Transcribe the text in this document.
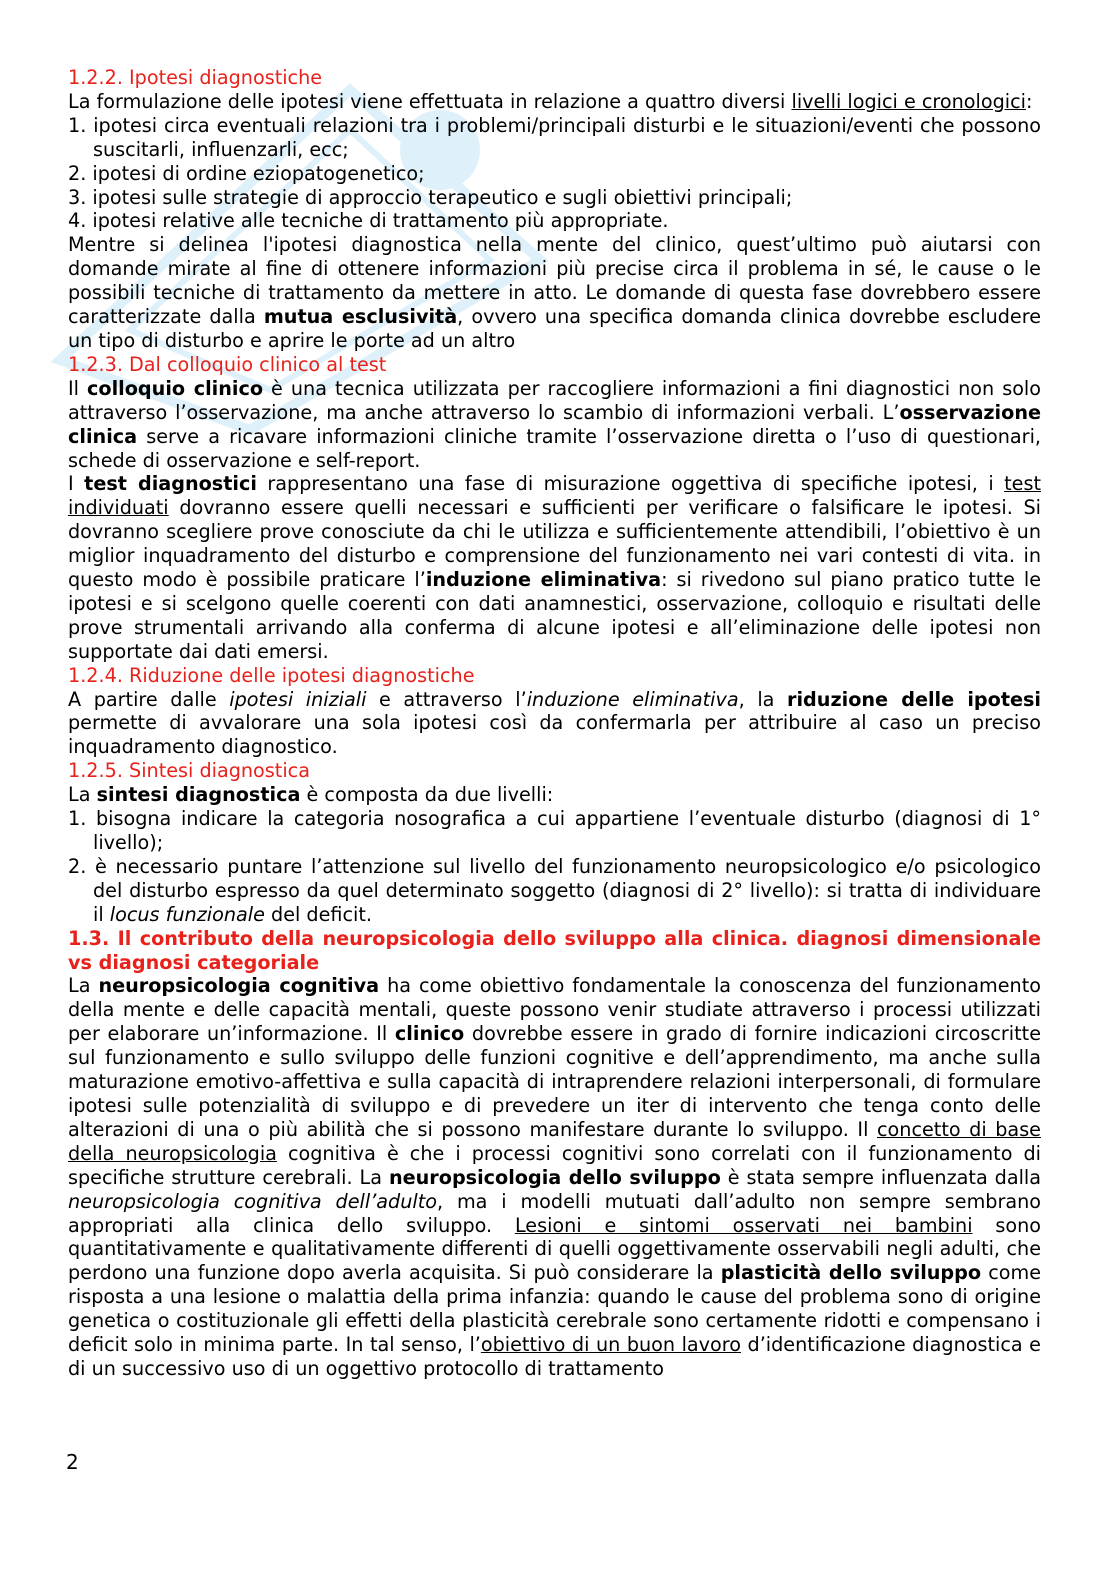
1.2.2. Ipotesi diagnostiche

La formulazione delle ipotesi viene effettuata in relazione a quattro diversi livelli logici e cronologici:

1. ipotesi circa eventuali relazioni tra i problemi/principali disturbi e le situazioni/eventi che possono suscitarli, influenzarli, ecc;
2. ipotesi di ordine eziopatogenetico;
3. ipotesi sulle strategie di approccio terapeutico e sugli obiettivi principali;
4. ipotesi relative alle tecniche di trattamento più appropriate.

Mentre si delinea l'ipotesi diagnostica nella mente del clinico, quest’ultimo può aiutarsi con domande mirate al fine di ottenere informazioni più precise circa il problema in sé, le cause o le possibili tecniche di trattamento da mettere in atto. Le domande di questa fase dovrebbero essere caratterizzate dalla mutua esclusività, ovvero una specifica domanda clinica dovrebbe escludere un tipo di disturbo e aprire le porte ad un altro

1.2.3. Dal colloquio clinico al test

Il colloquio clinico è una tecnica utilizzata per raccogliere informazioni a fini diagnostici non solo attraverso l’osservazione, ma anche attraverso lo scambio di informazioni verbali. L’osservazione clinica serve a ricavare informazioni cliniche tramite l’osservazione diretta o l’uso di questionari, schede di osservazione e self-report.

I test diagnostici rappresentano una fase di misurazione oggettiva di specifiche ipotesi, i test individuati dovranno essere quelli necessari e sufficienti per verificare o falsificare le ipotesi. Si dovranno scegliere prove conosciute da chi le utilizza e sufficientemente attendibili, l’obiettivo è un miglior inquadramento del disturbo e comprensione del funzionamento nei vari contesti di vita. in questo modo è possibile praticare l’induzione eliminativa: si rivedono sul piano pratico tutte le ipotesi e si scelgono quelle coerenti con dati anamnestici, osservazione, colloquio e risultati delle prove strumentali arrivando alla conferma di alcune ipotesi e all’eliminazione delle ipotesi non supportate dai dati emersi.

1.2.4. Riduzione delle ipotesi diagnostiche

A partire dalle ipotesi iniziali e attraverso l’induzione eliminativa, la riduzione delle ipotesi permette di avvalorare una sola ipotesi così da confermarla per attribuire al caso un preciso inquadramento diagnostico.

1.2.5. Sintesi diagnostica

La sintesi diagnostica è composta da due livelli:

1. bisogna indicare la categoria nosografica a cui appartiene l’eventuale disturbo (diagnosi di 1° livello);
2. è necessario puntare l’attenzione sul livello del funzionamento neuropsicologico e/o psicologico del disturbo espresso da quel determinato soggetto (diagnosi di 2° livello): si tratta di individuare il locus funzionale del deficit.
1.3. Il contributo della neuropsicologia dello sviluppo alla clinica. diagnosi dimensionale vs diagnosi categoriale

La neuropsicologia cognitiva ha come obiettivo fondamentale la conoscenza del funzionamento della mente e delle capacità mentali, queste possono venir studiate attraverso i processi utilizzati per elaborare un’informazione. Il clinico dovrebbe essere in grado di fornire indicazioni circoscritte sul funzionamento e sullo sviluppo delle funzioni cognitive e dell’apprendimento, ma anche sulla maturazione emotivo-affettiva e sulla capacità di intraprendere relazioni interpersonali, di formulare ipotesi sulle potenzialità di sviluppo e di prevedere un iter di intervento che tenga conto delle alterazioni di una o più abilità che si possono manifestare durante lo sviluppo. Il concetto di base della neuropsicologia cognitiva è che i processi cognitivi sono correlati con il funzionamento di specifiche strutture cerebrali. La neuropsicologia dello sviluppo è stata sempre influenzata dalla neuropsicologia cognitiva dell’adulto, ma i modelli mutuati dall’adulto non sempre sembrano appropriati alla clinica dello sviluppo. Lesioni e sintomi osservati nei bambini sono quantitativamente e qualitativamente differenti di quelli oggettivamente osservabili negli adulti, che perdono una funzione dopo averla acquisita. Si può considerare la plasticità dello sviluppo come risposta a una lesione o malattia della prima infanzia: quando le cause del problema sono di origine genetica o costituzionale gli effetti della plasticità cerebrale sono certamente ridotti e compensano i deficit solo in minima parte. In tal senso, l’obiettivo di un buon lavoro d’identificazione diagnostica e di un successivo uso di un oggettivo protocollo di trattamento

2
